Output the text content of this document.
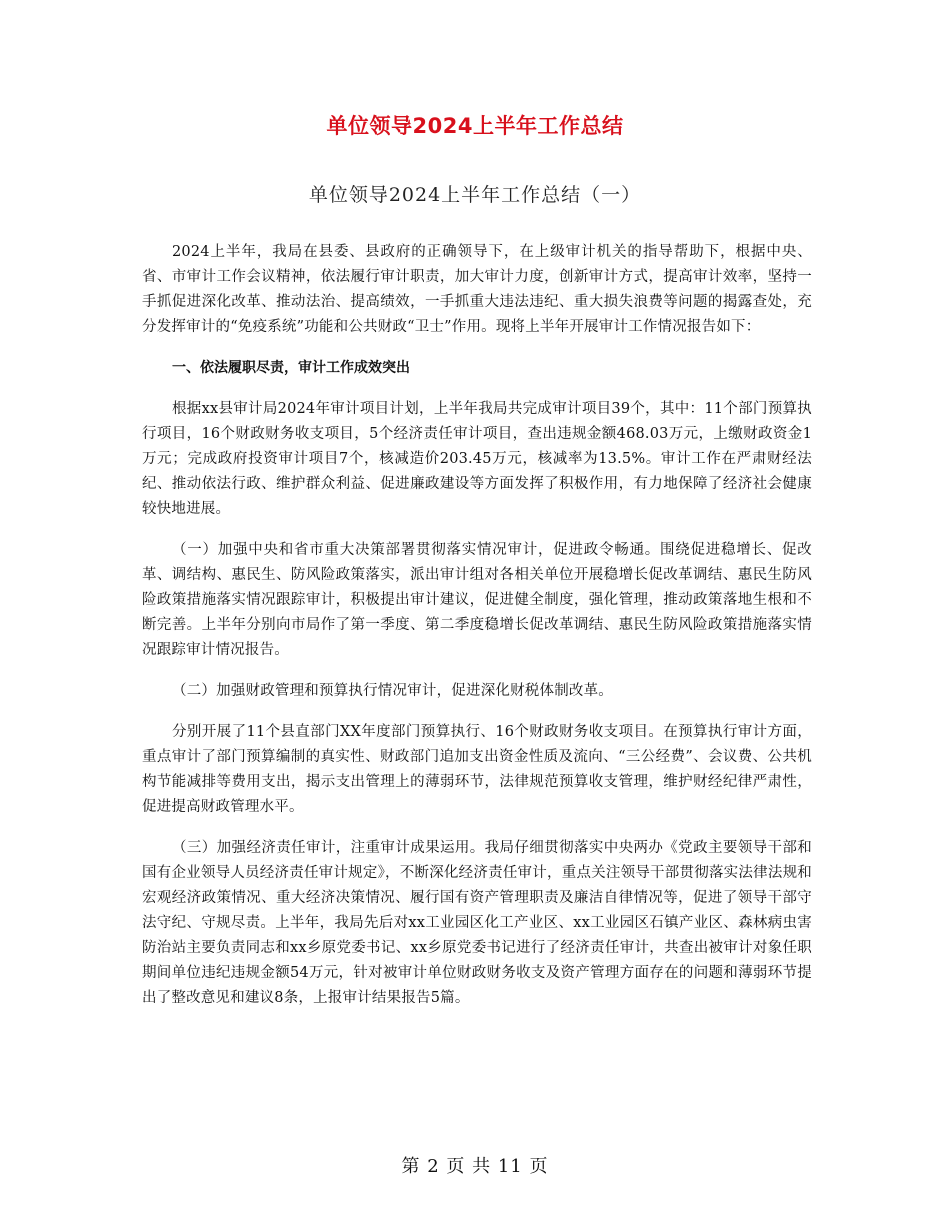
单位领导2024上半年工作总结
单位领导2024上半年工作总结（一）

2024上半年，我局在县委、县政府的正确领导下，在上级审计机关的指导帮助下，根据中央、省、市审计工作会议精神，依法履行审计职责，加大审计力度，创新审计方式，提高审计效率，坚持一手抓促进深化改革、推动法治、提高绩效，一手抓重大违法违纪、重大损失浪费等问题的揭露查处，充分发挥审计的“免疫系统”功能和公共财政“卫士”作用。现将上半年开展审计工作情况报告如下：

一、依法履职尽责，审计工作成效突出

根据xx县审计局2024年审计项目计划，上半年我局共完成审计项目39个，其中：11个部门预算执行项目，16个财政财务收支项目，5个经济责任审计项目，查出违规金额468.03万元，上缴财政资金1万元；完成政府投资审计项目7个，核减造价203.45万元，核减率为13.5%。审计工作在严肃财经法纪、推动依法行政、维护群众利益、促进廉政建设等方面发挥了积极作用，有力地保障了经济社会健康较快地进展。

（一）加强中央和省市重大决策部署贯彻落实情况审计，促进政令畅通。围绕促进稳增长、促改革、调结构、惠民生、防风险政策落实，派出审计组对各相关单位开展稳增长促改革调结、惠民生防风险政策措施落实情况跟踪审计，积极提出审计建议，促进健全制度，强化管理，推动政策落地生根和不断完善。上半年分别向市局作了第一季度、第二季度稳增长促改革调结、惠民生防风险政策措施落实情况跟踪审计情况报告。

（二）加强财政管理和预算执行情况审计，促进深化财税体制改革。

分别开展了11个县直部门XX年度部门预算执行、16个财政财务收支项目。在预算执行审计方面，重点审计了部门预算编制的真实性、财政部门追加支出资金性质及流向、“三公经费”、会议费、公共机构节能减排等费用支出，揭示支出管理上的薄弱环节，法律规范预算收支管理，维护财经纪律严肃性，促进提高财政管理水平。

（三）加强经济责任审计，注重审计成果运用。我局仔细贯彻落实中央两办《党政主要领导干部和国有企业领导人员经济责任审计规定》，不断深化经济责任审计，重点关注领导干部贯彻落实法律法规和宏观经济政策情况、重大经济决策情况、履行国有资产管理职责及廉洁自律情况等，促进了领导干部守法守纪、守规尽责。上半年，我局先后对xx工业园区化工产业区、xx工业园区石镇产业区、森林病虫害防治站主要负责同志和xx乡原党委书记、xx乡原党委书记进行了经济责任审计，共查出被审计对象任职期间单位违纪违规金额54万元，针对被审计单位财政财务收支及资产管理方面存在的问题和薄弱环节提出了整改意见和建议8条，上报审计结果报告5篇。

第 2 页 共 11 页
